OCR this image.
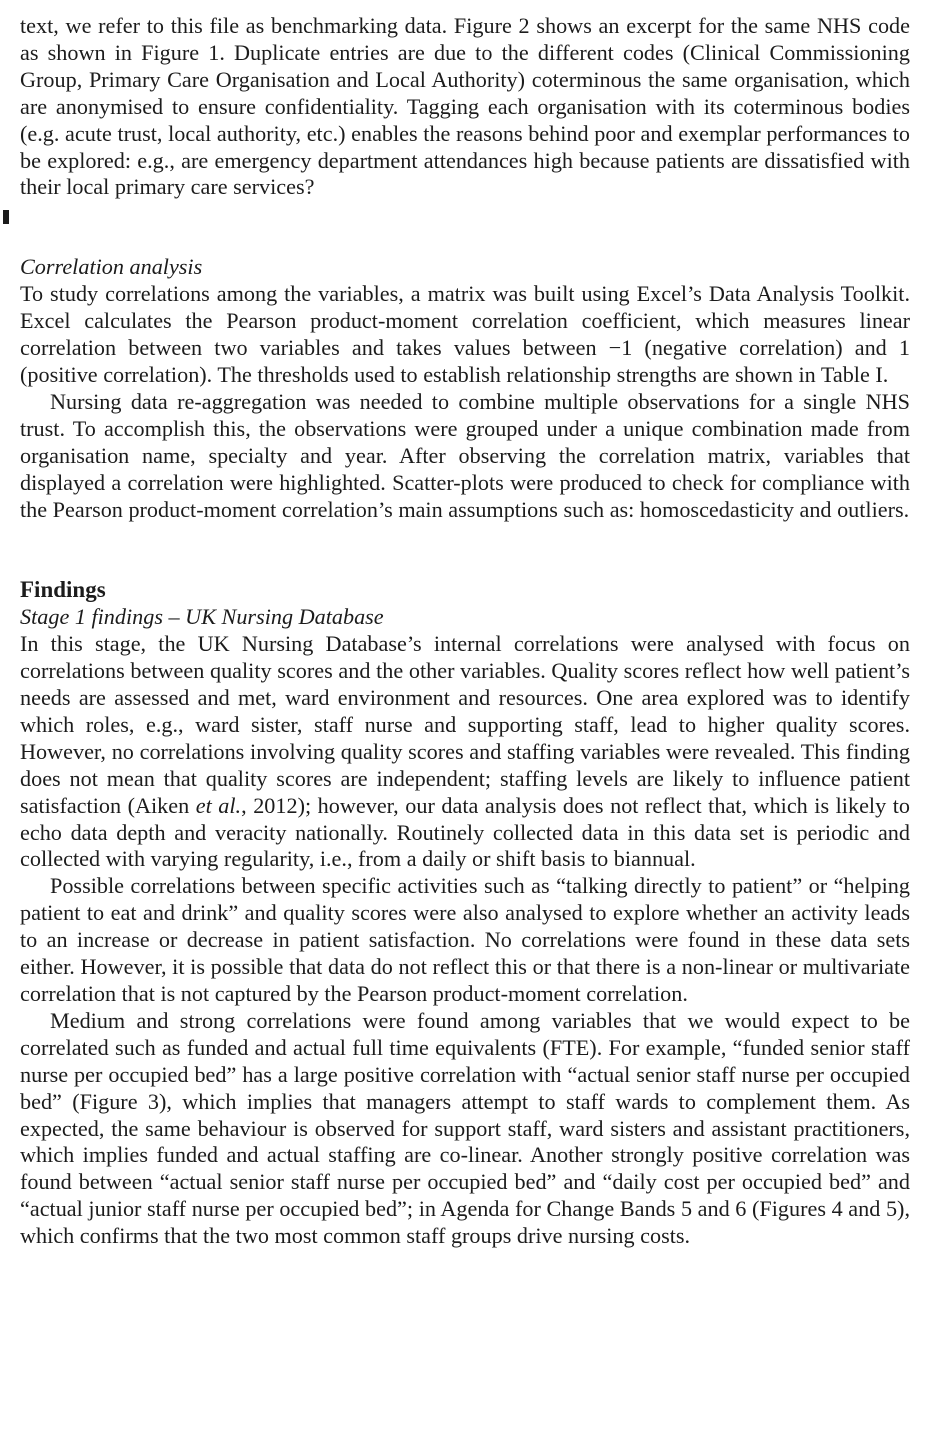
text, we refer to this file as benchmarking data. Figure 2 shows an excerpt for the same NHS code as shown in Figure 1. Duplicate entries are due to the different codes (Clinical Commissioning Group, Primary Care Organisation and Local Authority) coterminous the same organisation, which are anonymised to ensure confidentiality. Tagging each organisation with its coterminous bodies (e.g. acute trust, local authority, etc.) enables the reasons behind poor and exemplar performances to be explored: e.g., are emergency department attendances high because patients are dissatisfied with their local primary care services?

Correlation analysis

To study correlations among the variables, a matrix was built using Excel’s Data Analysis Toolkit. Excel calculates the Pearson product-moment correlation coefficient, which measures linear correlation between two variables and takes values between −1 (negative correlation) and 1 (positive correlation). The thresholds used to establish relationship strengths are shown in Table I.

Nursing data re-aggregation was needed to combine multiple observations for a single NHS trust. To accomplish this, the observations were grouped under a unique combination made from organisation name, specialty and year. After observing the correlation matrix, variables that displayed a correlation were highlighted. Scatter-plots were produced to check for compliance with the Pearson product-moment correlation’s main assumptions such as: homoscedasticity and outliers.

Findings

Stage 1 findings – UK Nursing Database

In this stage, the UK Nursing Database’s internal correlations were analysed with focus on correlations between quality scores and the other variables. Quality scores reflect how well patient’s needs are assessed and met, ward environment and resources. One area explored was to identify which roles, e.g., ward sister, staff nurse and supporting staff, lead to higher quality scores. However, no correlations involving quality scores and staffing variables were revealed. This finding does not mean that quality scores are independent; staffing levels are likely to influence patient satisfaction (Aiken et al., 2012); however, our data analysis does not reflect that, which is likely to echo data depth and veracity nationally. Routinely collected data in this data set is periodic and collected with varying regularity, i.e., from a daily or shift basis to biannual.

Possible correlations between specific activities such as “talking directly to patient” or “helping patient to eat and drink” and quality scores were also analysed to explore whether an activity leads to an increase or decrease in patient satisfaction. No correlations were found in these data sets either. However, it is possible that data do not reflect this or that there is a non-linear or multivariate correlation that is not captured by the Pearson product-moment correlation.

Medium and strong correlations were found among variables that we would expect to be correlated such as funded and actual full time equivalents (FTE). For example, “funded senior staff nurse per occupied bed” has a large positive correlation with “actual senior staff nurse per occupied bed” (Figure 3), which implies that managers attempt to staff wards to complement them. As expected, the same behaviour is observed for support staff, ward sisters and assistant practitioners, which implies funded and actual staffing are co-linear. Another strongly positive correlation was found between “actual senior staff nurse per occupied bed” and “daily cost per occupied bed” and “actual junior staff nurse per occupied bed”; in Agenda for Change Bands 5 and 6 (Figures 4 and 5), which confirms that the two most common staff groups drive nursing costs.
